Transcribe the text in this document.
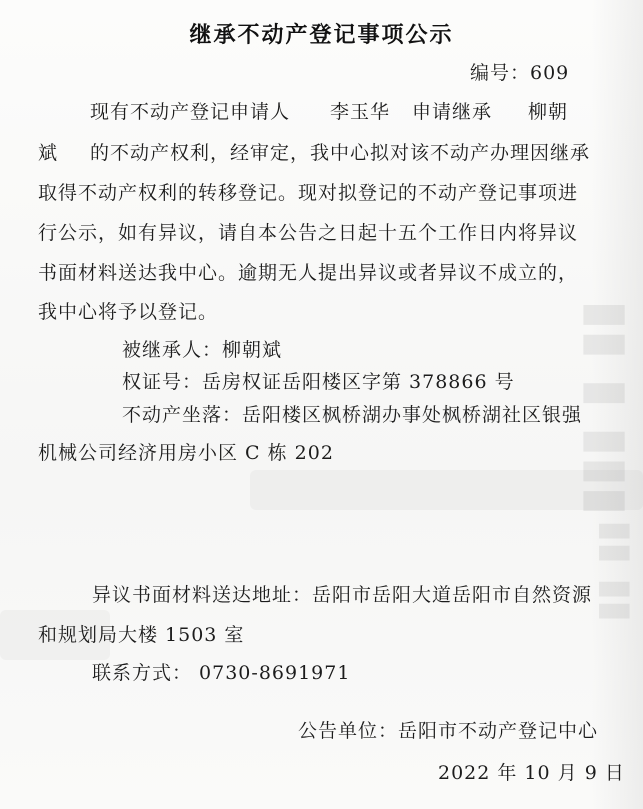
▮▮ ▮ ▮▮▮
▮▮ ▮▮
继承不动产登记事项公示
编号：609
现有不动产登记申请人 李玉华 申请继承 柳朝
斌 的不动产权利，经审定，我中心拟对该不动产办理因继承
取得不动产权利的转移登记。现对拟登记的不动产登记事项进
行公示，如有异议，请自本公告之日起十五个工作日内将异议
书面材料送达我中心。逾期无人提出异议或者异议不成立的，
我中心将予以登记。
被继承人：柳朝斌
权证号：岳房权证岳阳楼区字第 378866 号
不动产坐落：岳阳楼区枫桥湖办事处枫桥湖社区银强
机械公司经济用房小区 C 栋 202
异议书面材料送达地址：岳阳市岳阳大道岳阳市自然资源
和规划局大楼 1503 室
联系方式： 0730-8691971
公告单位：岳阳市不动产登记中心
2022 年 10 月 9 日
